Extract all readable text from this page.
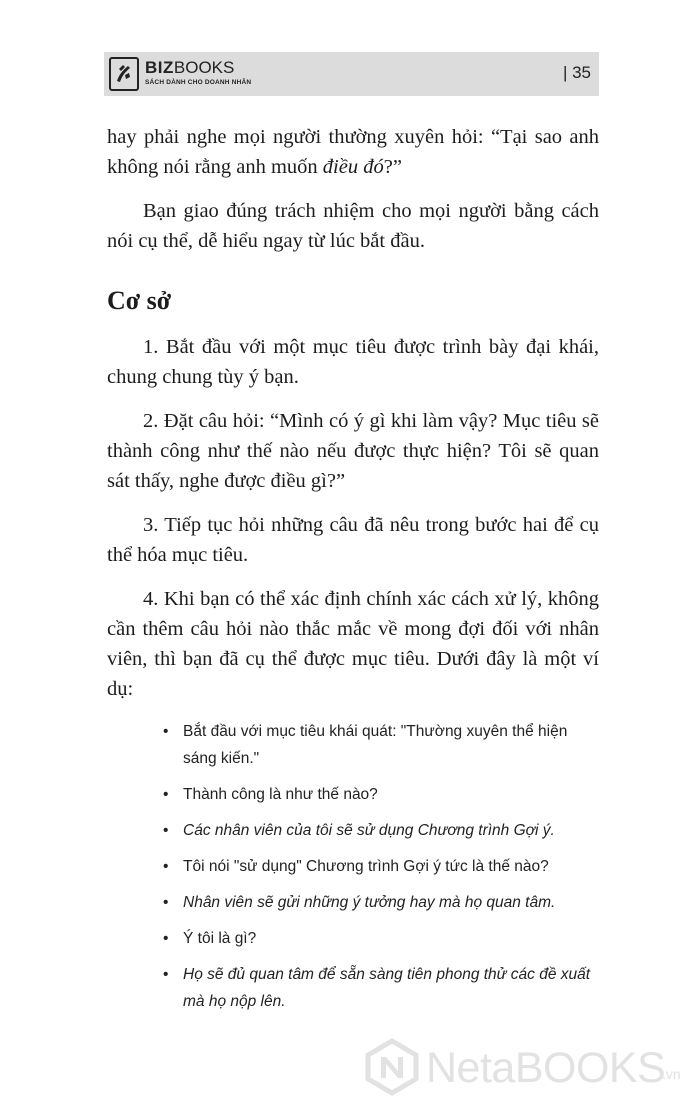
BIZBOOKS
SÁCH DÀNH CHO DOANH NHÂN
| 35

hay phải nghe mọi người thường xuyên hỏi: “Tại sao anh không nói rằng anh muốn điều đó?”

Bạn giao đúng trách nhiệm cho mọi người bằng cách nói cụ thể, dễ hiểu ngay từ lúc bắt đầu.

Cơ sở

1. Bắt đầu với một mục tiêu được trình bày đại khái, chung chung tùy ý bạn.

2. Đặt câu hỏi: “Mình có ý gì khi làm vậy? Mục tiêu sẽ thành công như thế nào nếu được thực hiện? Tôi sẽ quan sát thấy, nghe được điều gì?”

3. Tiếp tục hỏi những câu đã nêu trong bước hai để cụ thể hóa mục tiêu.

4. Khi bạn có thể xác định chính xác cách xử lý, không cần thêm câu hỏi nào thắc mắc về mong đợi đối với nhân viên, thì bạn đã cụ thể được mục tiêu. Dưới đây là một ví dụ:

• Bắt đầu với mục tiêu khái quát: "Thường xuyên thể hiện sáng kiến."
• Thành công là như thế nào?
• Các nhân viên của tôi sẽ sử dụng Chương trình Gợi ý.
• Tôi nói "sử dụng" Chương trình Gợi ý tức là thế nào?
• Nhân viên sẽ gửi những ý tưởng hay mà họ quan tâm.
• Ý tôi là gì?
• Họ sẽ đủ quan tâm để sẵn sàng tiên phong thử các đề xuất mà họ nộp lên.
NetaBOOKS
.vn
